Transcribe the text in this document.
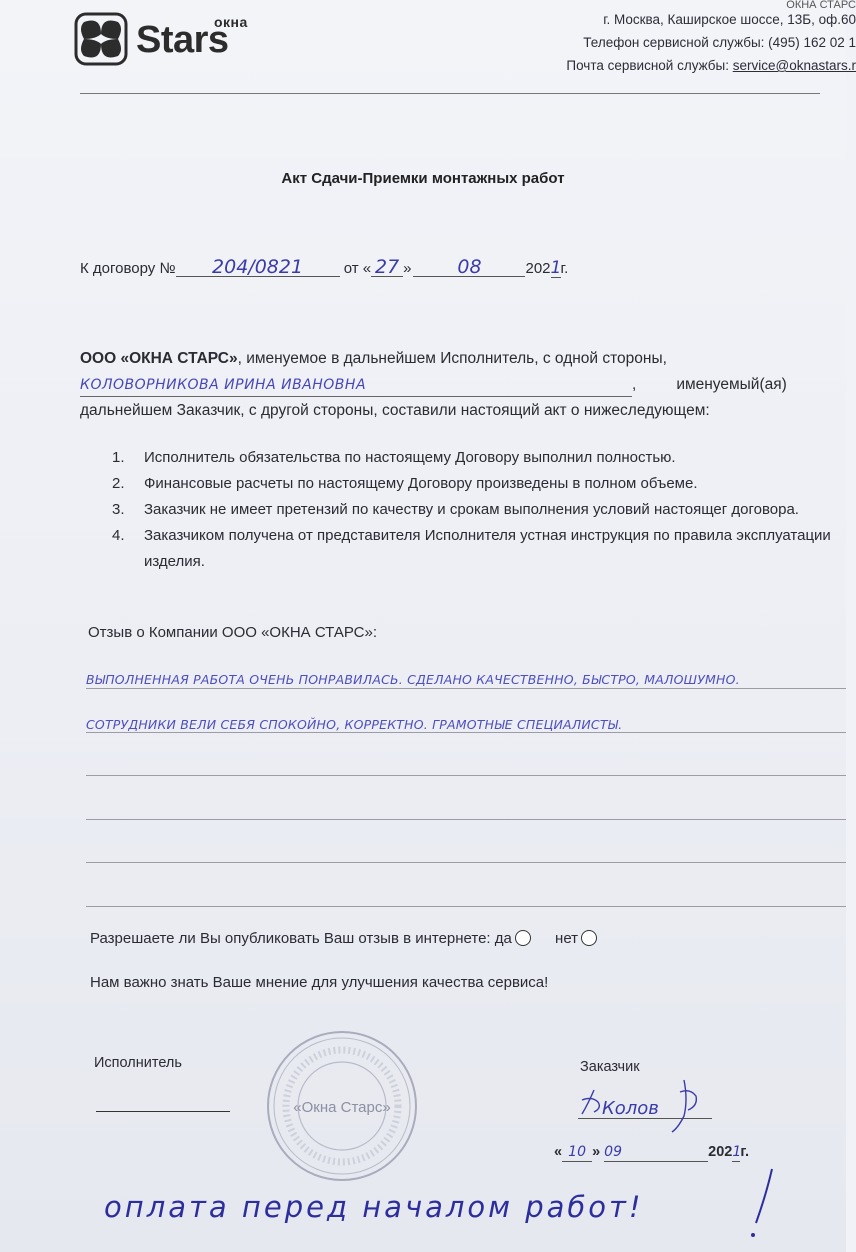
окна
Stars
ОКНА СТАРС
г. Москва, Каширское шоссе, 13Б, оф.60
Телефон сервисной службы: (495) 162 02 1
Почта сервисной службы: service@oknastars.r
Акт Сдачи-Приемки монтажных работ
К договору № 204/0821	от « 27 » 08	2021г.
ООО «ОКНА СТАРС», именуемое в дальнейшем Исполнитель, с одной стороны,
КОЛОВОРНИКОВА ИРИНА ИВАНОВНА	,	именуемый(ая)
дальнейшем Заказчик, с другой стороны, составили настоящий акт о нижеследующем:
1.	Исполнитель обязательства по настоящему Договору выполнил полностью.
2.	Финансовые расчеты по настоящему Договору произведены в полном объеме.
3.	Заказчик не имеет претензий по качеству и срокам выполнения условий настоящег договора.
4.	Заказчиком получена от представителя Исполнителя устная инструкция по правила эксплуатации изделия.
Отзыв о Компании ООО «ОКНА СТАРС»:
ВЫПОЛНЕННАЯ РАБОТА ОЧЕНЬ ПОНРАВИЛАСЬ. СДЕЛАНО КАЧЕСТВЕННО, БЫСТРО, МАЛОШУМНО.
СОТРУДНИКИ ВЕЛИ СЕБЯ СПОКОЙНО, КОРРЕКТНО. ГРАМОТНЫЕ СПЕЦИАЛИСТЫ.
Разрешаете ли Вы опубликовать Ваш отзыв в интернете: да	нет
Нам важно знать Ваше мнение для улучшения качества сервиса!
Исполнитель
«Окна Старс»
Заказчик
Колов
« 10 » 09	2021г.
оплата перед началом работ!
